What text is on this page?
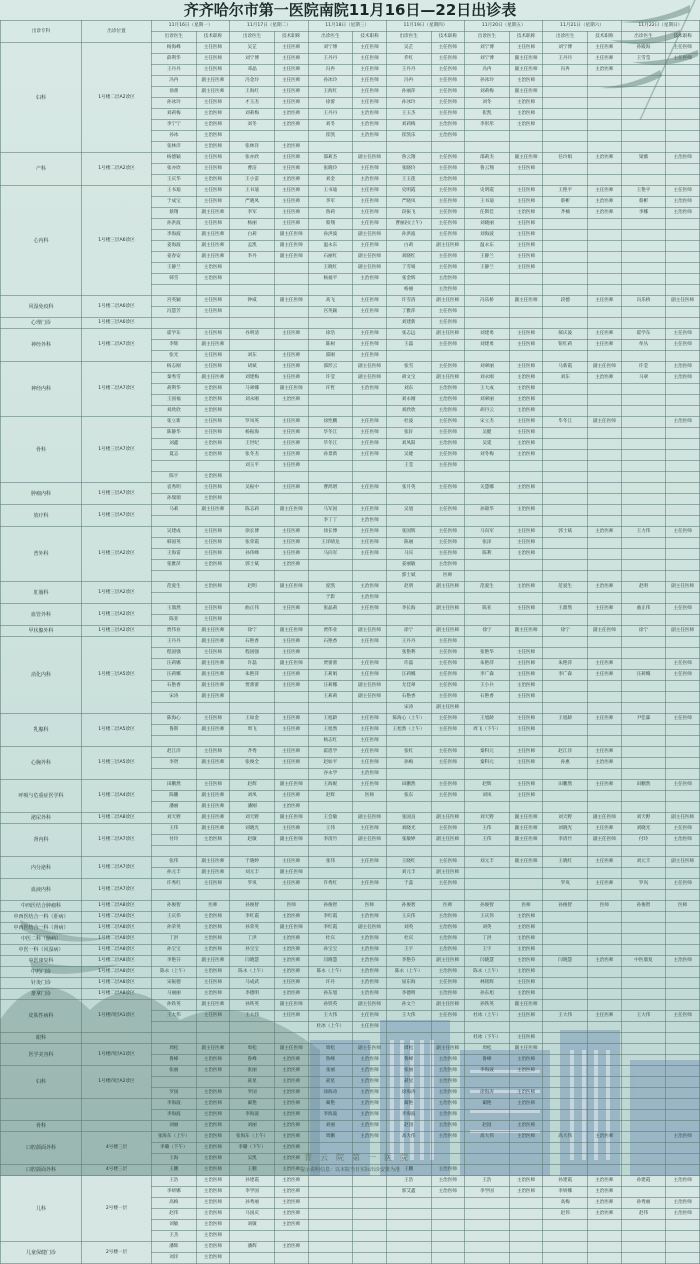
齐齐哈尔市第一医院南院11月16日—22日出诊表
出诊专科	出诊位置	11月16日（星期一）		11月17日（星期二）		11月18日（星期三）		11月19日（星期四）		11月20日（星期五）		11月21日（星期六）		11月22日（星期日）	
		出诊医生	技术职称	出诊医生	技术职称	出诊医生	技术职称	出诊医生	技术职称	出诊医生	技术职称	出诊医生	技术职称	出诊医生	技术职称
妇科	1号楼二层A2诊区	杨海峰	主任医师	吴芷	主任医师	刘宁博	主任医师	吴芷	主任医师	刘宁博	主任医师	刘宁博	主任医师	孙殿海	主任医师
		薛利华	主任医师	刘宁博	主任医师	王丹丹	主任医师	乔红	主任医师	刘宁博	副主任医师	王丹丹	主任医师	王雪莹	主任医师
		王丹丹	主任医师	邓晶	主任医师	冯冉	主任医师	王丹丹	主任医师	冯冉	副主任医师	冯冉	主治医师		
		冯冉	副主任医师	冯金玲	主任医师	孙冰玲	主任医师	冯冉	主任医师	孙冰玲	主治医师				
		徐蕾	副主任医师	王海红	主任医师	王海红	主任医师	孙丽萍	主任医师	刘莉梅	副主任医师				
		孙冰玲	主任医师	才玉杰	主任医师	徐蕾	主任医师	孙冰玲	主任医师	刘冬	主治医师				
		刘莉梅	主治医师	刘莉梅	主治医师	王丹丹	主治医师	王玉杰	主任医师	崔凯	主治医师				
		李宁宁	主治医师	刘冬	主治医师	刘冬	主治医师	刘莉梅	主治医师	李彤彤	主治医师				
		孙冰	主治医师			崔凯	主治医师	崔凯乐	主治医师						
		张林洋	主治医师	张林洋	主治医师										
产科	1号楼二层A2诊区	杨德颖	主任医师	张亦欣	主任医师	邵莉杰	副主任医师	鲁云翔	主任医师	邵莉杰	副主任医师	任玲娟	主治医师	梁薇	主治医师
		张亦欣	主任医师	曹洁	主任医师	张晓玲	主任医师	张晓玲	主任医师	鲁云翔	主任医师				
		王庆华	主治医师	王小雷	主治医师	刘金	主治医师	王玉莲	主治医师						
心内科	1号楼三层A6诊区	王书迪	主任医师	王书迪	主任医师	王书迪	主任医师	史明霞	主任医师	史明霞	主任医师	王艳平	主任医师	王艳平	主任医师
		于成宝	主任医师	严晓凤	主任医师	李军	主任医师	严晓凤	主任医师	王书迪	主任医师	蔡彬	主治医师	蔡彬	主治医师
		蔡翔	副主任医师	李军	主任医师	鲁莉	主任医师	段振飞	主任医师	任斯佳	主治医师	齐楠	主治医师	李娜	主治医师
		孙洪波	主任医师	杨丽	主任医师	蔡翔	主任医师	曹丽岩(上午)	主任医师	刘晓丽	主任医师				
		李海波	副主任医师	白莉	副主任医师	孙洪波	副主任医师	孙洪波	主任医师	刘海波	主任医师				
		姜海波	副主任医师	孟凯	副主任医师	温永东	主任医师	白莉	副主任医师	温永东	主任医师				
		姜春安	副主任医师	李丹	副主任医师	石丽红	副主任医师	刘晓红	主任医师	王静兰	主任医师				
		王静兰	主治医师			王晓红	副主任医师	丁雪娟	主任医师	王静兰	主任医师				
		韩雪	主治医师			杨福平	主治医师	张金辉	主治医师						
								杨丽	主治医师						
风湿免疫科	1号楼二层A6诊区	宫英颖	主任医师	钟威	副主任医师	高飞	主任医师	许雪清	副主任医师	冯乐桥	副主任医师	段德	主任医师	冯乐桥	副主任医师
		冯慧芳	主任医师			宫英颖	主任医师	丁雅萍	主任医师						
心理门诊	1号楼三层A6诊区							刘建新	主任医师						
神经外科	1号楼二层A7诊区	霍学东	主任医师	谷明清	主任医师	徐浩	主任医师	张志远	副主任医师	刘建勇	主任医师	郝庆波	主任医师	霍学东	主任医师
		李辉	副主任医师			陈树	主任医师	王磊	主任医师	刘建勇	主任医师	钮红莉	主任医师	牟丛	主任医师
		张光	主任医师	刘东	主任医师	邵刚	主任医师								
神经内科	1号楼二层A7诊区	杨志刚	主任医师	胡斌	主任医师	邵形云	副主任医师	张雪	主任医师	刘翠丽	主任医师	马新霞	副主任医师	许莹	主治医师
		秦秀雪	副主任医师	刘建梅	主任医师	许莹	副主任医师	胡文宝	副主任医师	刘永刚	主治医师	刘东	主治医师	马翠	主治医师
		胡利华	主治医师	马翠娜	副主任医师	许哲	主治医师	刘东	主治医师	王大成	主治医师				
		王国福	主治医师	刘永刚	主治医师			刘永刚	主治医师	刘翠丽	主治医师				
		刘欣欣	主治医师					刘欣欣	主治医师	胡丹云	主治医师				
骨科	1号楼三层A7诊区	张立新	主任医师	罗凤英	主任医师	徐性鹏	主任医师	杜波	主任医师	宋立杰	主任医师	毕冬江	副主任医师		主治医师
		陈静华	主任医师	杨振海	主任医师	毕冬江	主任医师	张轩	主任医师	吴健	主任医师				
		刘鑫	主治医师	王世纪	主任医师	毕冬江	主任医师	刘凤阳	主治医师	吴延	主治医师				
		夏志	主治医师	张冬杰	主任医师	孙景新	主任医师	吴婕	主任医师	刘冬梅	主治医师				
				刘玉平	主任医师			王莹	主任医师						
		陈宇	主治医师												
肿瘤内科	1号楼三层A7诊区	袁秀明	主任医师	吴振中	主任医师	曹鸿增	主任医师	张月英	主任医师	关慧娜	主治医师				
		孙瑞瑞	主治医师												
放疗科	1号楼三层A7诊区	马莉	副主任医师	陈志莉	副主任医师	马军国	主任医师	吴旭	主任医师	孙锦华	主治医师				
						李丁丁	主治医师								
普外科	1号楼三层A2诊区	吴建成	主任医师	徐长博	主任医师	徐长博	主任医师	张国辉	主任医师	马向军	主任医师	郭士斌	主治医师	王力伟	主任医师
		韩国英	主任医师	张荣霞	主任医师	王洋晴龙	主任医师	陈丽	主任医师	张泽	主任医师				
		王海雷	主任医师	孙伟峰	主任医师	马向军	主任医师	马宾	主任医师	陈利	主治医师				
		张雅萍	主治医师	郭士斌	主治医师			姜丽敏	主治医师						
								郭士斌	医师						
肛肠科	1号楼三层A2诊区	范爱生	主治医师	赵明	副主任医师	庞凯	主治医师	赵明	副主任医师	范爱生	主治医师	范爱生	主治医师	赵明	副主任医师
						于影	主治医师								
血管外科	1号楼三层A2诊区	王鼎然	主任医师	曲正伟	主任医师	张晶莉	主任医师	李长海	副主任医师	陈亚	主任医师	王鼎然	主任医师	曲正伟	主任医师
		陈亚	主任医师												
甲状腺外科	1号楼三层A2诊区	贾伟业	副主任医师	徐宁	副主任医师	贾伟业	副主任医师	徐宁	副主任医师	徐宁	副主任医师	徐宁	副主任医师	徐宁	副主任医师
消化内科	1号楼三层A5诊区	王丹丹	副主任医师	石艳香	主任医师	石艳香	主任医师	王丹丹	主任医师						
		程国强	主任医师	程国强	主任医师			张艳利	主任医师	张艳华	主任医师				
		汪莉娜	副主任医师	许磊	副主任医师	贾蕾蕾	主任医师	许磊	主任医师	朱艳萍	主任医师	朱艳萍	主任医师		主任医师
		汪莉娜	副主任医师	朱艳萍	主任医师	王莉娟	主任医师	汪莉娜	主任医师	李广森	主任医师	李广森	主任医师	汪莉娜	主任医师
		石艳香	副主任医师	贾蕾蕾	主任医师	汪莉娜	副主任医师	尤佳翠	主任医师	王小兵	主治医师				
		宋涛	副主任医师			王莉莉	副主任医师	石艳香	主任医师	石艳香	主任医师				
								宋涛	副主任医师						
乳腺科	1号楼二层A5诊区	陈海心	主任医师	王如金	主任医师	王旭龄	主任医师	陈海心（上午）	主任医师	王旭龄	主任医师	王旭龄	主任医师	尹佳霖	主任医师
		鲁斯	副主任医师	周飞	主任医师	王旭然	主任医师	王旭然（上午）	主任医师	周飞（下午）	主任医师				
						杨志红	主任医师								
心胸外科	1号楼三层A5诊区	赵江洋	主任医师	齐秀	主任医师	霍恩学	主任医师	张红	主任医师	秦科元	主任医师	赵江洋	主任医师		
		李贤	副主任医师	张俊全	主任医师	赵如平	主任医师	孙梅	主任医师	秦科元	主任医师	孙惠	主治医师		
						谷永学	主治医师								
呼吸与危重症医学科	1号楼二层A4诊区	田鹏然	主任医师	赵辉	副主任医师	王海妮	主任医师	田鹏然	主任医师	赵辉	主任医师	田鹏然	主任医师	田鹏然	主任医师
		陈鹏	副主任医师	刘凤	主任医师	赵辉	医师	张东	主任医师	刘凤	主任医师				
		潘丽	副主任医师	潘刚	主治医师										
泌尿外科	1号楼二层A8诊区	刘天野	副主任医师	刘天野	副主任医师	王会敏	副主任医师	张国良	副主任医师	刘天野	副主任医师	刘天野	副主任医师	刘天野	副主任医师
肾内科	1号楼二层A7诊区	王伟	副主任医师	刘晓光	主任医师	王伟	主任医师	刘晓光	主任医师	王伟	副主任医师	刘晓光	主任医师	刘晓光	主任医师
		付玲	主治医师	赵敏	副主任医师	李清竹	副主任医师	张敏婷	副主任医师	王伟	副主任医师	李清竹	副主任医师	付玲	主治医师

内分泌科	1号楼二层A7诊区	张伟	副主任医师	于晓婷	主任医师	张伟	主任医师	王晓红	主任医师	刘元丰	副主任医师	王晓红	主任医师	刘元丰	副主任医师
		孙元丰	副主任医师	刘元丰	副主任医师			刘元丰	副主任医师						
血液内科	1号楼二层A7诊区	许秀红	主任医师	罗岚	主任医师	许秀红	主任医师	于蕊	主任医师			罗岚	主任医师	罗岚	主任医师

中西医结合肿瘤科	1号楼二层A8诊区	孙俊智	医师	孙俊智	医师	孙俊智	医师	孙俊智	医师	孙俊智	医师	孙俊智	医师	孙俊智	医师
中西医结合一科（肝病）	1号楼二层A8诊区	王庆伟	主治医师	李红霞	主治医师	李红霞	主治医师	王庆伟	主治医师	王庆伟	主治医师				
中西医结合一科（肾病）	1号楼二层A8诊区	孙荣英	主治医师	孙荣英	副主任医师	李红霞	副主任医师	刘英	主治医师	刘英	主治医师				
中医二科（脑病）	1号楼二层A8诊区	丁洪	主治医师	丁洪	主治医师	杜宾	主治医师	杜宾	主治医师	丁洪	主治医师				
中医一科（风湿病）	1号楼二层A8诊区	孙宝宝	主治医师	孙宝宝	主治医师	孙宝宝	主治医师	王宇	主治医师	王宇	主治医师				
中医康复科	1号楼二层A8诊区	李艳芬	副主任医师	闫晓慧	主治医师	闫晓慧	主治医师	李艳芬	副主任医师	闫晓慧	主治医师	闫晓慧	主治医师	中医康复	主治医师
中药门诊	1号楼二层A8诊区	陈永（上午）	主治医师	陈永（上午）	主治医师	陈永（上午）	主治医师	陈永（上午）	主治医师	陈永（上午）	主治医师				
针灸门诊	1号楼二层A8诊区	宋振德	主任医师	马成武	主任医师	许丹	主治医师	屈东海	主任医师	林铭辉	主任医师				
推拿门诊	1号楼二层A8诊区	马丽丽	主治医师	李德明	主治医师	孙东旭	主治医师	李德明	主治医师	孙东旭	主治医师				
皮肤性病科	1号楼四层A1诊区	孙铁英	副主任医师	孙铁英	副主任医师	孙铁英	副主任医师	孙文兰	副主任医师	孙铁英	副主任医师				
		王大伟	主任医师	王大伟	主任医师	王大伟	主任医师	王大伟	主任医师	杜冰（上午）	主任医师	王大伟	主任医师	王大伟	主任医师
						杜冰（上午）	主任医师								
眼科										杜冰（下午）	主任医师				
医学美容科	1号楼四层A1诊区	周松	副主任医师	周松	副主任医师	周松	副主任医师	周松	副主任医师	周松	副主任医师				
		鲁峰	主治医师	鲁峰	主治医师	鲁峰	主治医师	鲁峰	主治医师	鲁峰	主治医师				
妇科	1号楼四层A2诊区	张丽	主治医师	张丽	主治医师	张丽	主治医师	张丽	主治医师	李海波	主治医师				
				聂星	主治医师	聂星	主治医师	聂星	主治医师						
		罗国	主治医师	罗国	主治医师	徐海涛	主治医师	徐海涛	主治医师	徐海涛	主治医师				
		李海波	主治医师	蔺艳	主治医师	蔺艳	主治医师	蔺艳	主治医师	蔺艳	主治医师				
		李海波	主治医师	李海波	主治医师	李海波	主治医师	李海波	主治医师						
骨科		刘丽	主治医师	刘丽	主治医师	刘丽	主治医师	赵园	主治医师	赵园	主治医师				
口腔颌面外科	4号楼三层	张海东（上午）	主治医师	张海东（上午）	主治医师	周鹏	主治医师	高大伟	主治医师	高大伟	主治医师	高大伟	主治医师		主治医师
		李璐（下午）	主治医师	李璐（下午）	主治医师										
		王海	主治医师	吴凯	主治医师										
口腔颌面外科	4号楼三层	王鹏	主治医师	王鹏	主治医师			王鹏	主治医师						
儿科	2号楼一层	王浩	主治医师	孙建霞	主治医师			王浩	主治医师	王浩	主治医师	孙建霞	主治医师	孙建霞	主治医师
		李妍娜	主治医师	李学国	主治医师			郭艾鑫	主治医师	李学国	主治医师	李妍娜	主治医师		
		高梅	主治医师	孙秀丽	主治医师							高梅	主治医师	孙秀丽	主治医师
		赵伟	主治医师	马国庆	主治医师							赵伟	主治医师	赵伟	主治医师
		刘敏	主治医师	刘敏	主治医师										
		王杰	主治医师												
儿童保健门诊	2号楼一层	潘辉	主治医师	潘辉	主治医师										
		刘洋	主治医师												
青云院第一医院
提示说明信息：以本院当日实际出诊安排为准
